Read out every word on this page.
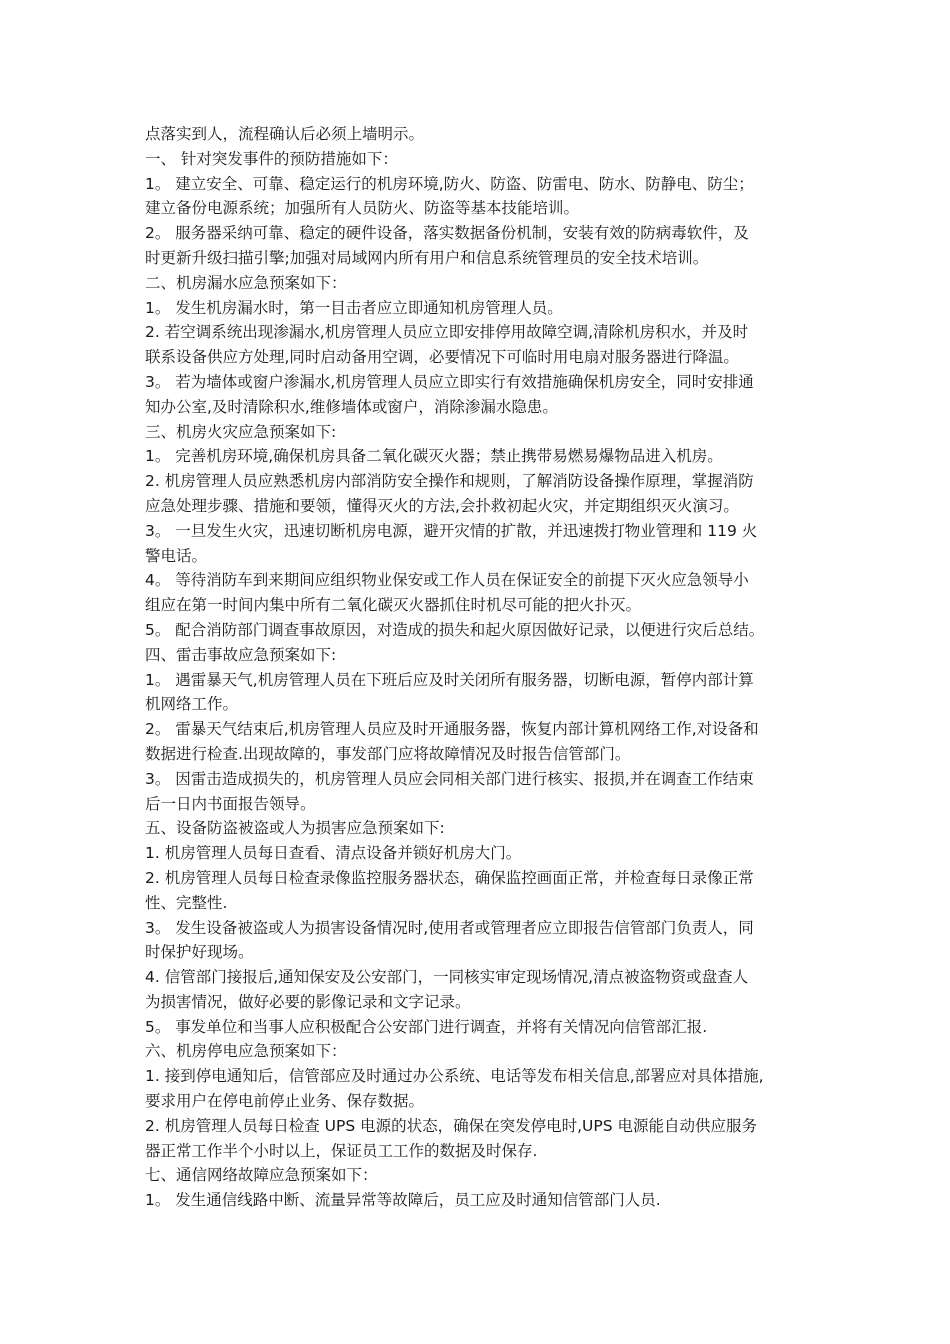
点落实到人，流程确认后必须上墙明示。
一、 针对突发事件的预防措施如下：
1。 建立安全、可靠、稳定运行的机房环境,防火、防盗、防雷电、防水、防静电、防尘；
建立备份电源系统；加强所有人员防火、防盗等基本技能培训。
2。 服务器采纳可靠、稳定的硬件设备，落实数据备份机制，安装有效的防病毒软件，及
时更新升级扫描引擎;加强对局域网内所有用户和信息系统管理员的安全技术培训。
二、机房漏水应急预案如下：
1。 发生机房漏水时，第一目击者应立即通知机房管理人员。
2. 若空调系统出现渗漏水,机房管理人员应立即安排停用故障空调,清除机房积水，并及时
联系设备供应方处理,同时启动备用空调，必要情况下可临时用电扇对服务器进行降温。
3。 若为墙体或窗户渗漏水,机房管理人员应立即实行有效措施确保机房安全，同时安排通
知办公室,及时清除积水,维修墙体或窗户，消除渗漏水隐患。
三、机房火灾应急预案如下:
1。 完善机房环境,确保机房具备二氧化碳灭火器；禁止携带易燃易爆物品进入机房。
2. 机房管理人员应熟悉机房内部消防安全操作和规则，了解消防设备操作原理，掌握消防
应急处理步骤、措施和要领，懂得灭火的方法,会扑救初起火灾，并定期组织灭火演习。
3。 一旦发生火灾，迅速切断机房电源，避开灾情的扩散，并迅速拨打物业管理和 119 火
警电话。
4。 等待消防车到来期间应组织物业保安或工作人员在保证安全的前提下灭火应急领导小
组应在第一时间内集中所有二氧化碳灭火器抓住时机尽可能的把火扑灭。
5。 配合消防部门调查事故原因，对造成的损失和起火原因做好记录，以便进行灾后总结。
四、雷击事故应急预案如下:
1。 遇雷暴天气,机房管理人员在下班后应及时关闭所有服务器，切断电源，暂停内部计算
机网络工作。
2。 雷暴天气结束后,机房管理人员应及时开通服务器，恢复内部计算机网络工作,对设备和
数据进行检查.出现故障的，事发部门应将故障情况及时报告信管部门。
3。 因雷击造成损失的，机房管理人员应会同相关部门进行核实、报损,并在调查工作结束
后一日内书面报告领导。
五、设备防盗被盗或人为损害应急预案如下:
1. 机房管理人员每日查看、清点设备并锁好机房大门。
2. 机房管理人员每日检查录像监控服务器状态，确保监控画面正常，并检查每日录像正常
性、完整性.
3。 发生设备被盗或人为损害设备情况时,使用者或管理者应立即报告信管部门负责人，同
时保护好现场。
4. 信管部门接报后,通知保安及公安部门，一同核实审定现场情况,清点被盗物资或盘查人
为损害情况，做好必要的影像记录和文字记录。
5。 事发单位和当事人应积极配合公安部门进行调查，并将有关情况向信管部汇报.
六、机房停电应急预案如下：
1. 接到停电通知后，信管部应及时通过办公系统、电话等发布相关信息,部署应对具体措施,
要求用户在停电前停止业务、保存数据。
2. 机房管理人员每日检查 UPS 电源的状态，确保在突发停电时,UPS 电源能自动供应服务
器正常工作半个小时以上，保证员工工作的数据及时保存.
七、通信网络故障应急预案如下：
1。 发生通信线路中断、流量异常等故障后，员工应及时通知信管部门人员.
